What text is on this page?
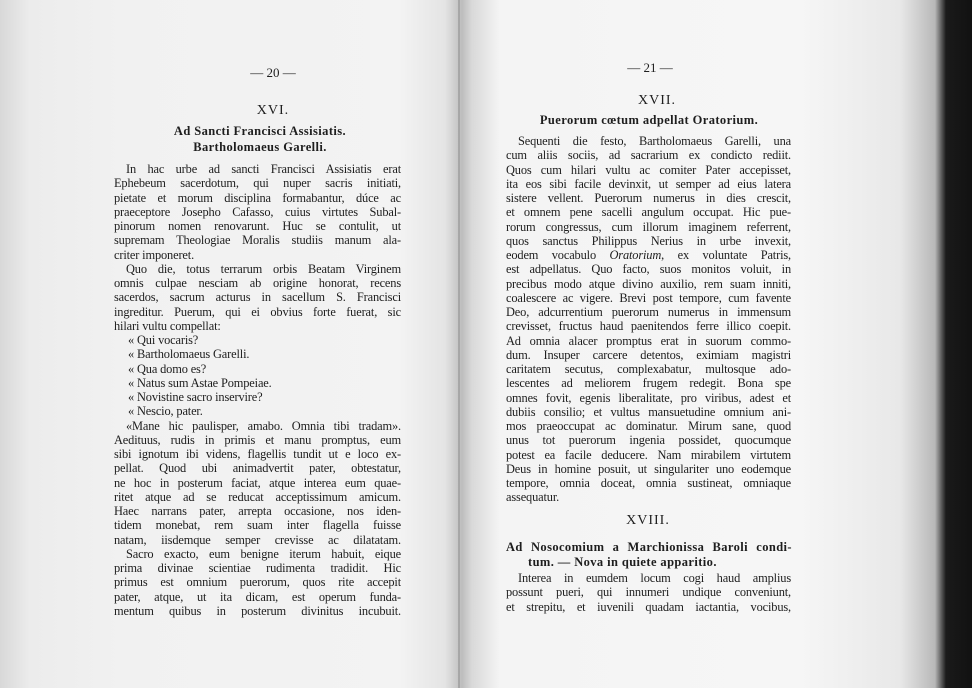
— 20 —
XVI.
Ad Sancti Francisci Assisiatis.
Bartholomaeus Garelli.
In hac urbe ad sancti Francisci Assisiatis erat
Ephebeum sacerdotum, qui nuper sacris initiati,
pietate et morum disciplina formabantur, dúce ac
praeceptore Josepho Cafasso, cuius virtutes Subal-
pinorum nomen renovarunt. Huc se contulit, ut
supremam Theologiae Moralis studiis manum ala-
criter imponeret.
Quo die, totus terrarum orbis Beatam Virginem
omnis culpae nesciam ab origine honorat, recens
sacerdos, sacrum acturus in sacellum S. Francisci
ingreditur. Puerum, qui ei obvius forte fuerat, sic
hilari vultu compellat:
« Qui vocaris?
« Bartholomaeus Garelli.
« Qua domo es?
« Natus sum Astae Pompeiae.
« Novistine sacro inservire?
« Nescio, pater.
«Mane hic paulisper, amabo. Omnia tibi tradam».
Aedituus, rudis in primis et manu promptus, eum
sibi ignotum ibi videns, flagellis tundit ut e loco ex-
pellat. Quod ubi animadvertit pater, obtestatur,
ne hoc in posterum faciat, atque interea eum quae-
ritet atque ad se reducat acceptissimum amicum.
Haec narrans pater, arrepta occasione, nos iden-
tidem monebat, rem suam inter flagella fuisse
natam, iisdemque semper crevisse ac dilatatam.
Sacro exacto, eum benigne iterum habuit, eique
prima divinae scientiae rudimenta tradidit. Hic
primus est omnium puerorum, quos rite accepit
pater, atque, ut ita dicam, est operum funda-
mentum quibus in posterum divinitus incubuit.
— 21 —
XVII.
Puerorum cœtum adpellat Oratorium.
Sequenti die festo, Bartholomaeus Garelli, una
cum aliis sociis, ad sacrarium ex condicto rediit.
Quos cum hilari vultu ac comiter Pater accepisset,
ita eos sibi facile devinxit, ut semper ad eius latera
sistere vellent. Puerorum numerus in dies crescit,
et omnem pene sacelli angulum occupat. Hic pue-
rorum congressus, cum illorum imaginem referrent,
quos sanctus Philippus Nerius in urbe invexit,
eodem vocabulo Oratorium, ex voluntate Patris,
est adpellatus. Quo facto, suos monitos voluit, in
precibus modo atque divino auxilio, rem suam inniti,
coalescere ac vigere. Brevi post tempore, cum favente
Deo, adcurrentium puerorum numerus in immensum
crevisset, fructus haud paenitendos ferre illico coepit.
Ad omnia alacer promptus erat in suorum commo-
dum. Insuper carcere detentos, eximiam magistri
caritatem secutus, complexabatur, multosque ado-
lescentes ad meliorem frugem redegit. Bona spe
omnes fovit, egenis liberalitate, pro viribus, adest et
dubiis consilio; et vultus mansuetudine omnium ani-
mos praeoccupat ac dominatur. Mirum sane, quod
unus tot puerorum ingenia possidet, quocumque
potest ea facile deducere. Nam mirabilem virtutem
Deus in homine posuit, ut singulariter uno eodemque
tempore, omnia doceat, omnia sustineat, omniaque
assequatur.
XVIII.
Ad Nosocomium a Marchionissa Baroli condi-
tum. — Nova in quiete apparitio.
Interea in eumdem locum cogi haud amplius
possunt pueri, qui innumeri undique conveniunt,
et strepitu, et iuvenili quadam iactantia, vocibus,
